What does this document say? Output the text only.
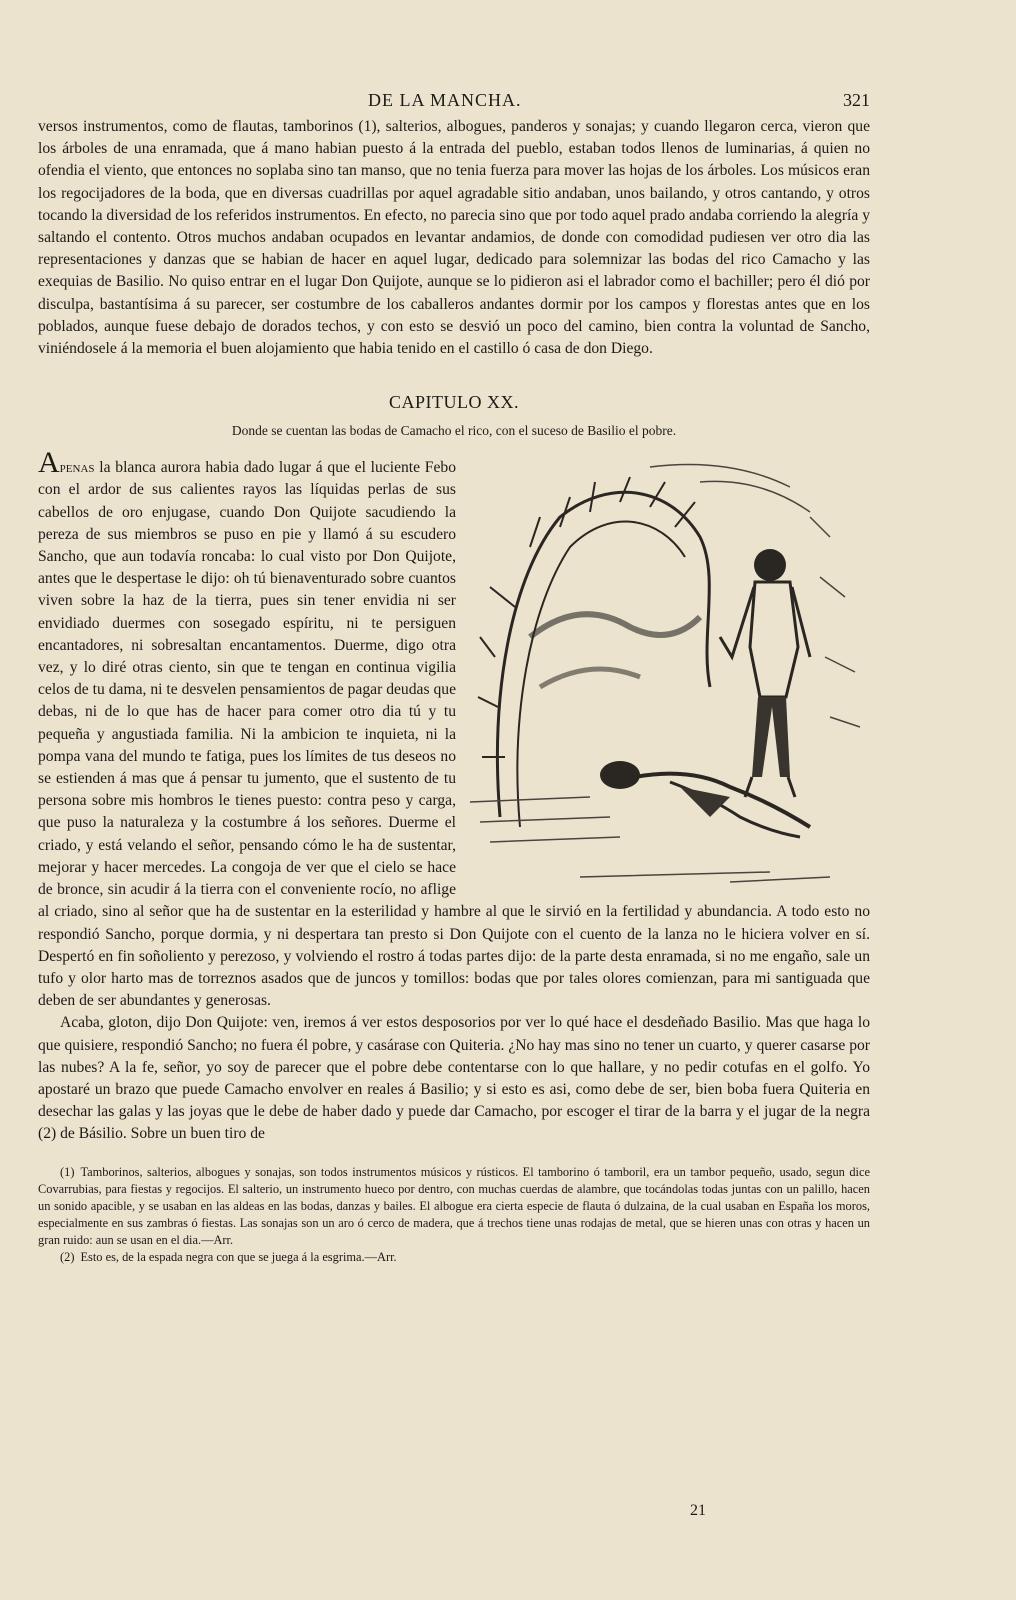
DE LA MANCHA.	321

versos instrumentos, como de flautas, tamborinos (1), salterios, albogues, panderos y sonajas; y cuando llegaron cerca, vieron que los árboles de una enramada, que á mano habian puesto á la entrada del pueblo, estaban todos llenos de luminarias, á quien no ofendia el viento, que entonces no soplaba sino tan manso, que no tenia fuerza para mover las hojas de los árboles. Los músicos eran los regocijadores de la boda, que en diversas cuadrillas por aquel agradable sitio andaban, unos bailando, y otros cantando, y otros tocando la diversidad de los referidos instrumentos. En efecto, no parecia sino que por todo aquel prado andaba corriendo la alegría y saltando el contento. Otros muchos andaban ocupados en levantar andamios, de donde con comodidad pudiesen ver otro dia las representaciones y danzas que se habian de hacer en aquel lugar, dedicado para solemnizar las bodas del rico Camacho y las exequias de Basilio. No quiso entrar en el lugar Don Quijote, aunque se lo pidieron asi el labrador como el bachiller; pero él dió por disculpa, bastantísima á su parecer, ser costumbre de los caballeros andantes dormir por los campos y florestas antes que en los poblados, aunque fuese debajo de dorados techos, y con esto se desvió un poco del camino, bien contra la voluntad de Sancho, viniéndosele á la memoria el buen alojamiento que habia tenido en el castillo ó casa de don Diego.

CAPITULO XX.
Donde se cuentan las bodas de Camacho el rico, con el suceso de Basilio el pobre.

Apenas la blanca aurora habia dado lugar á que el luciente Febo con el ardor de sus calientes rayos las líquidas perlas de sus cabellos de oro enjugase, cuando Don Quijote sacudiendo la pereza de sus miembros se puso en pie y llamó á su escudero Sancho, que aun todavía roncaba: lo cual visto por Don Quijote, antes que le despertase le dijo: oh tú bienaventurado sobre cuantos viven sobre la haz de la tierra, pues sin tener envidia ni ser envidiado duermes con sosegado espíritu, ni te persiguen encantadores, ni sobresaltan encantamentos. Duerme, digo otra vez, y lo diré otras ciento, sin que te tengan en continua vigilia celos de tu dama, ni te desvelen pensamientos de pagar deudas que debas, ni de lo que has de hacer para comer otro dia tú y tu pequeña y angustiada familia. Ni la ambicion te inquieta, ni la pompa vana del mundo te fatiga, pues los límites de tus deseos no se estienden á mas que á pensar tu jumento, que el sustento de tu persona sobre mis hombros le tienes puesto: contra peso y carga, que puso la naturaleza y la costumbre á los señores. Duerme el criado, y está velando el señor, pensando cómo le ha de sustentar, mejorar y hacer mercedes. La congoja de ver que el cielo se hace de bronce, sin acudir á la tierra con el conveniente rocío, no aflige al criado, sino al señor que ha de sustentar en la esterilidad y hambre al que le sirvió en la fertilidad y abundancia. A todo esto no respondió Sancho, porque dormia, y ni despertara tan presto si Don Quijote con el cuento de la lanza no le hiciera volver en sí. Despertó en fin soñoliento y perezoso, y volviendo el rostro á todas partes dijo: de la parte desta enramada, si no me engaño, sale un tufo y olor harto mas de torreznos asados que de juncos y tomillos: bodas que por tales olores comienzan, para mi santiguada que deben de ser abundantes y generosas.

Acaba, gloton, dijo Don Quijote: ven, iremos á ver estos desposorios por ver lo qué hace el desdeñado Basilio. Mas que haga lo que quisiere, respondió Sancho; no fuera él pobre, y casárase con Quiteria. ¿No hay mas sino no tener un cuarto, y querer casarse por las nubes? A la fe, señor, yo soy de parecer que el pobre debe contentarse con lo que hallare, y no pedir cotufas en el golfo. Yo apostaré un brazo que puede Camacho envolver en reales á Basilio; y si esto es asi, como debe de ser, bien boba fuera Quiteria en desechar las galas y las joyas que le debe de haber dado y puede dar Camacho, por escoger el tirar de la barra y el jugar de la negra (2) de Básilio. Sobre un buen tiro de

(1) Tamborinos, salterios, albogues y sonajas, son todos instrumentos músicos y rústicos. El tamborino ó tamboril, era un tambor pequeño, usado, segun dice Covarrubias, para fiestas y regocijos. El salterio, un instrumento hueco por dentro, con muchas cuerdas de alambre, que tocándolas todas juntas con un palillo, hacen un sonido apacible, y se usaban en las aldeas en las bodas, danzas y bailes. El albogue era cierta especie de flauta ó dulzaina, de la cual usaban en España los moros, especialmente en sus zambras ó fiestas. Las sonajas son un aro ó cerco de madera, que á trechos tiene unas rodajas de metal, que se hieren unas con otras y hacen un gran ruido: aun se usan en el dia.—Arr.

(2) Esto es, de la espada negra con que se juega á la esgrima.—Arr.

21
